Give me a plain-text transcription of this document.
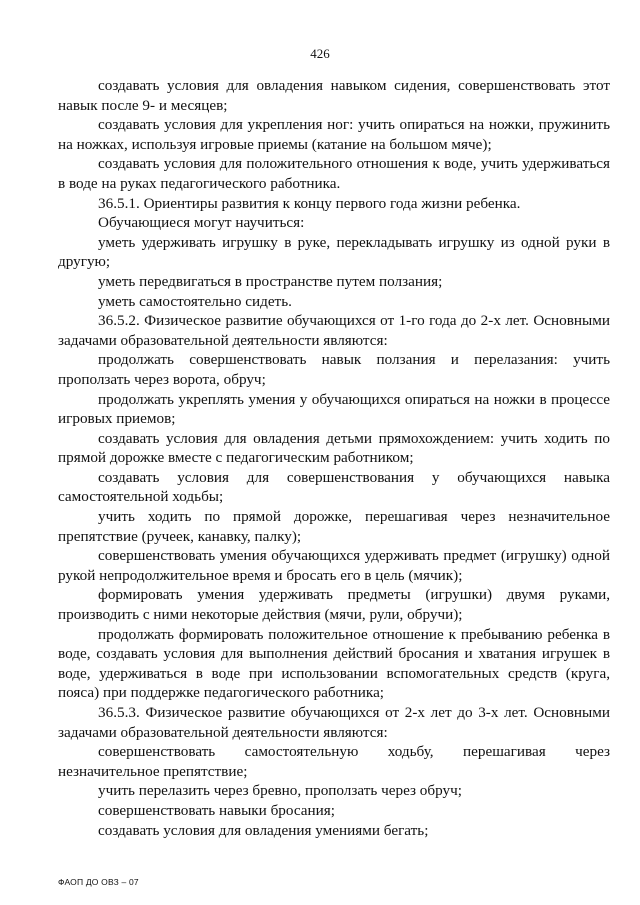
426

создавать условия для овладения навыком сидения, совершенствовать этот навык после 9- и месяцев;

создавать условия для укрепления ног: учить опираться на ножки, пружинить на ножках, используя игровые приемы (катание на большом мяче);

создавать условия для положительного отношения к воде, учить удерживаться в воде на руках педагогического работника.

36.5.1. Ориентиры развития к концу первого года жизни ребенка.

Обучающиеся могут научиться:

уметь удерживать игрушку в руке, перекладывать игрушку из одной руки в другую;

уметь передвигаться в пространстве путем ползания;

уметь самостоятельно сидеть.

36.5.2. Физическое развитие обучающихся от 1-го года до 2-х лет. Основными задачами образовательной деятельности являются:

продолжать совершенствовать навык ползания и перелазания: учить проползать через ворота, обруч;

продолжать укреплять умения у обучающихся опираться на ножки в процессе игровых приемов;

создавать условия для овладения детьми прямохождением: учить ходить по прямой дорожке вместе с педагогическим работником;

создавать условия для совершенствования у обучающихся навыка самостоятельной ходьбы;

учить ходить по прямой дорожке, перешагивая через незначительное препятствие (ручеек, канавку, палку);

совершенствовать умения обучающихся удерживать предмет (игрушку) одной рукой непродолжительное время и бросать его в цель (мячик);

формировать умения удерживать предметы (игрушки) двумя руками, производить с ними некоторые действия (мячи, рули, обручи);

продолжать формировать положительное отношение к пребыванию ребенка в воде, создавать условия для выполнения действий бросания и хватания игрушек в воде, удерживаться в воде при использовании вспомогательных средств (круга, пояса) при поддержке педагогического работника;

36.5.3. Физическое развитие обучающихся от 2-х лет до 3-х лет. Основными задачами образовательной деятельности являются:

совершенствовать самостоятельную ходьбу, перешагивая через незначительное препятствие;

учить перелазить через бревно, проползать через обруч;

совершенствовать навыки бросания;

создавать условия для овладения умениями бегать;

ФАОП ДО ОВЗ – 07
